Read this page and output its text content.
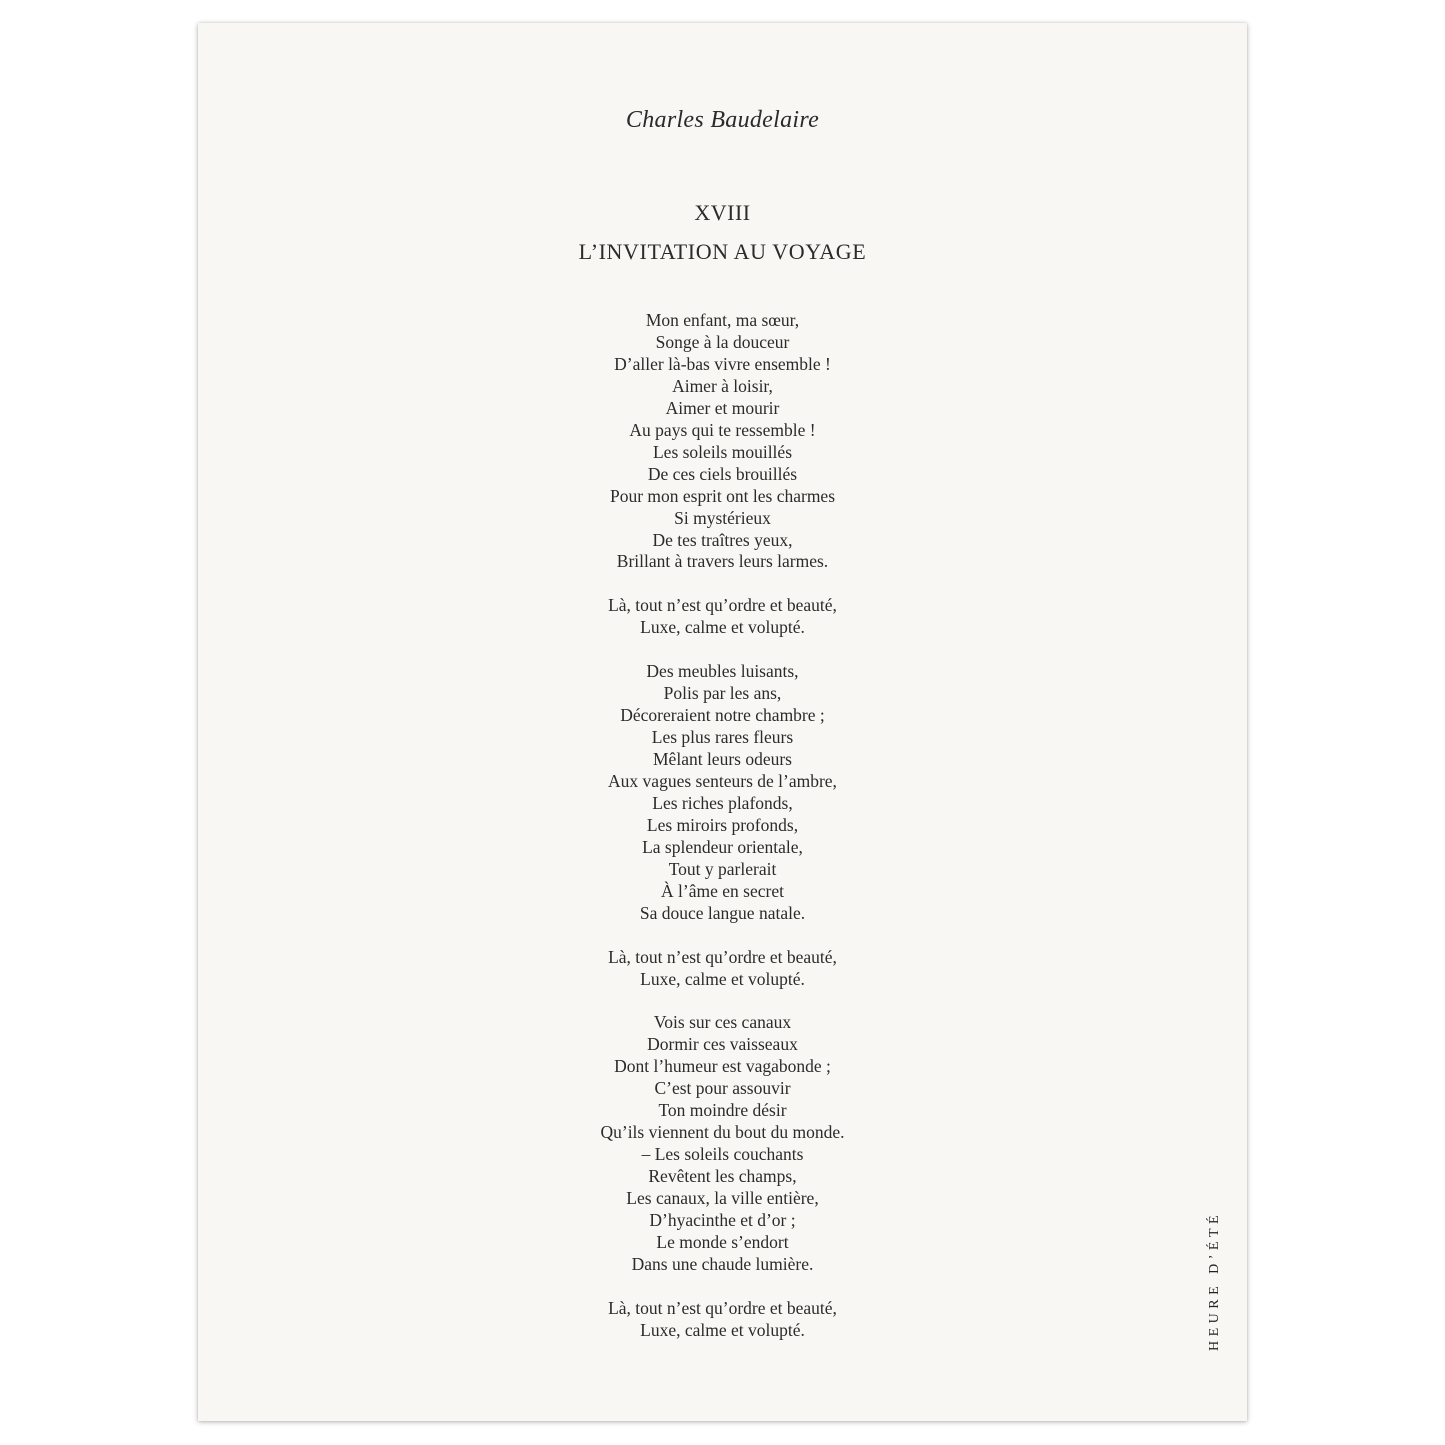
Charles Baudelaire
XVIII
L’INVITATION AU VOYAGE
Mon enfant, ma sœur,
Songe à la douceur
D’aller là-bas vivre ensemble !
Aimer à loisir,
Aimer et mourir
Au pays qui te ressemble !
Les soleils mouillés
De ces ciels brouillés
Pour mon esprit ont les charmes
Si mystérieux
De tes traîtres yeux,
Brillant à travers leurs larmes.
Là, tout n’est qu’ordre et beauté,
Luxe, calme et volupté.
Des meubles luisants,
Polis par les ans,
Décoreraient notre chambre ;
Les plus rares fleurs
Mêlant leurs odeurs
Aux vagues senteurs de l’ambre,
Les riches plafonds,
Les miroirs profonds,
La splendeur orientale,
Tout y parlerait
À l’âme en secret
Sa douce langue natale.
Là, tout n’est qu’ordre et beauté,
Luxe, calme et volupté.
Vois sur ces canaux
Dormir ces vaisseaux
Dont l’humeur est vagabonde ;
C’est pour assouvir
Ton moindre désir
Qu’ils viennent du bout du monde.
– Les soleils couchants
Revêtent les champs,
Les canaux, la ville entière,
D’hyacinthe et d’or ;
Le monde s’endort
Dans une chaude lumière.
Là, tout n’est qu’ordre et beauté,
Luxe, calme et volupté.	HEURE D’ÉTÉ
